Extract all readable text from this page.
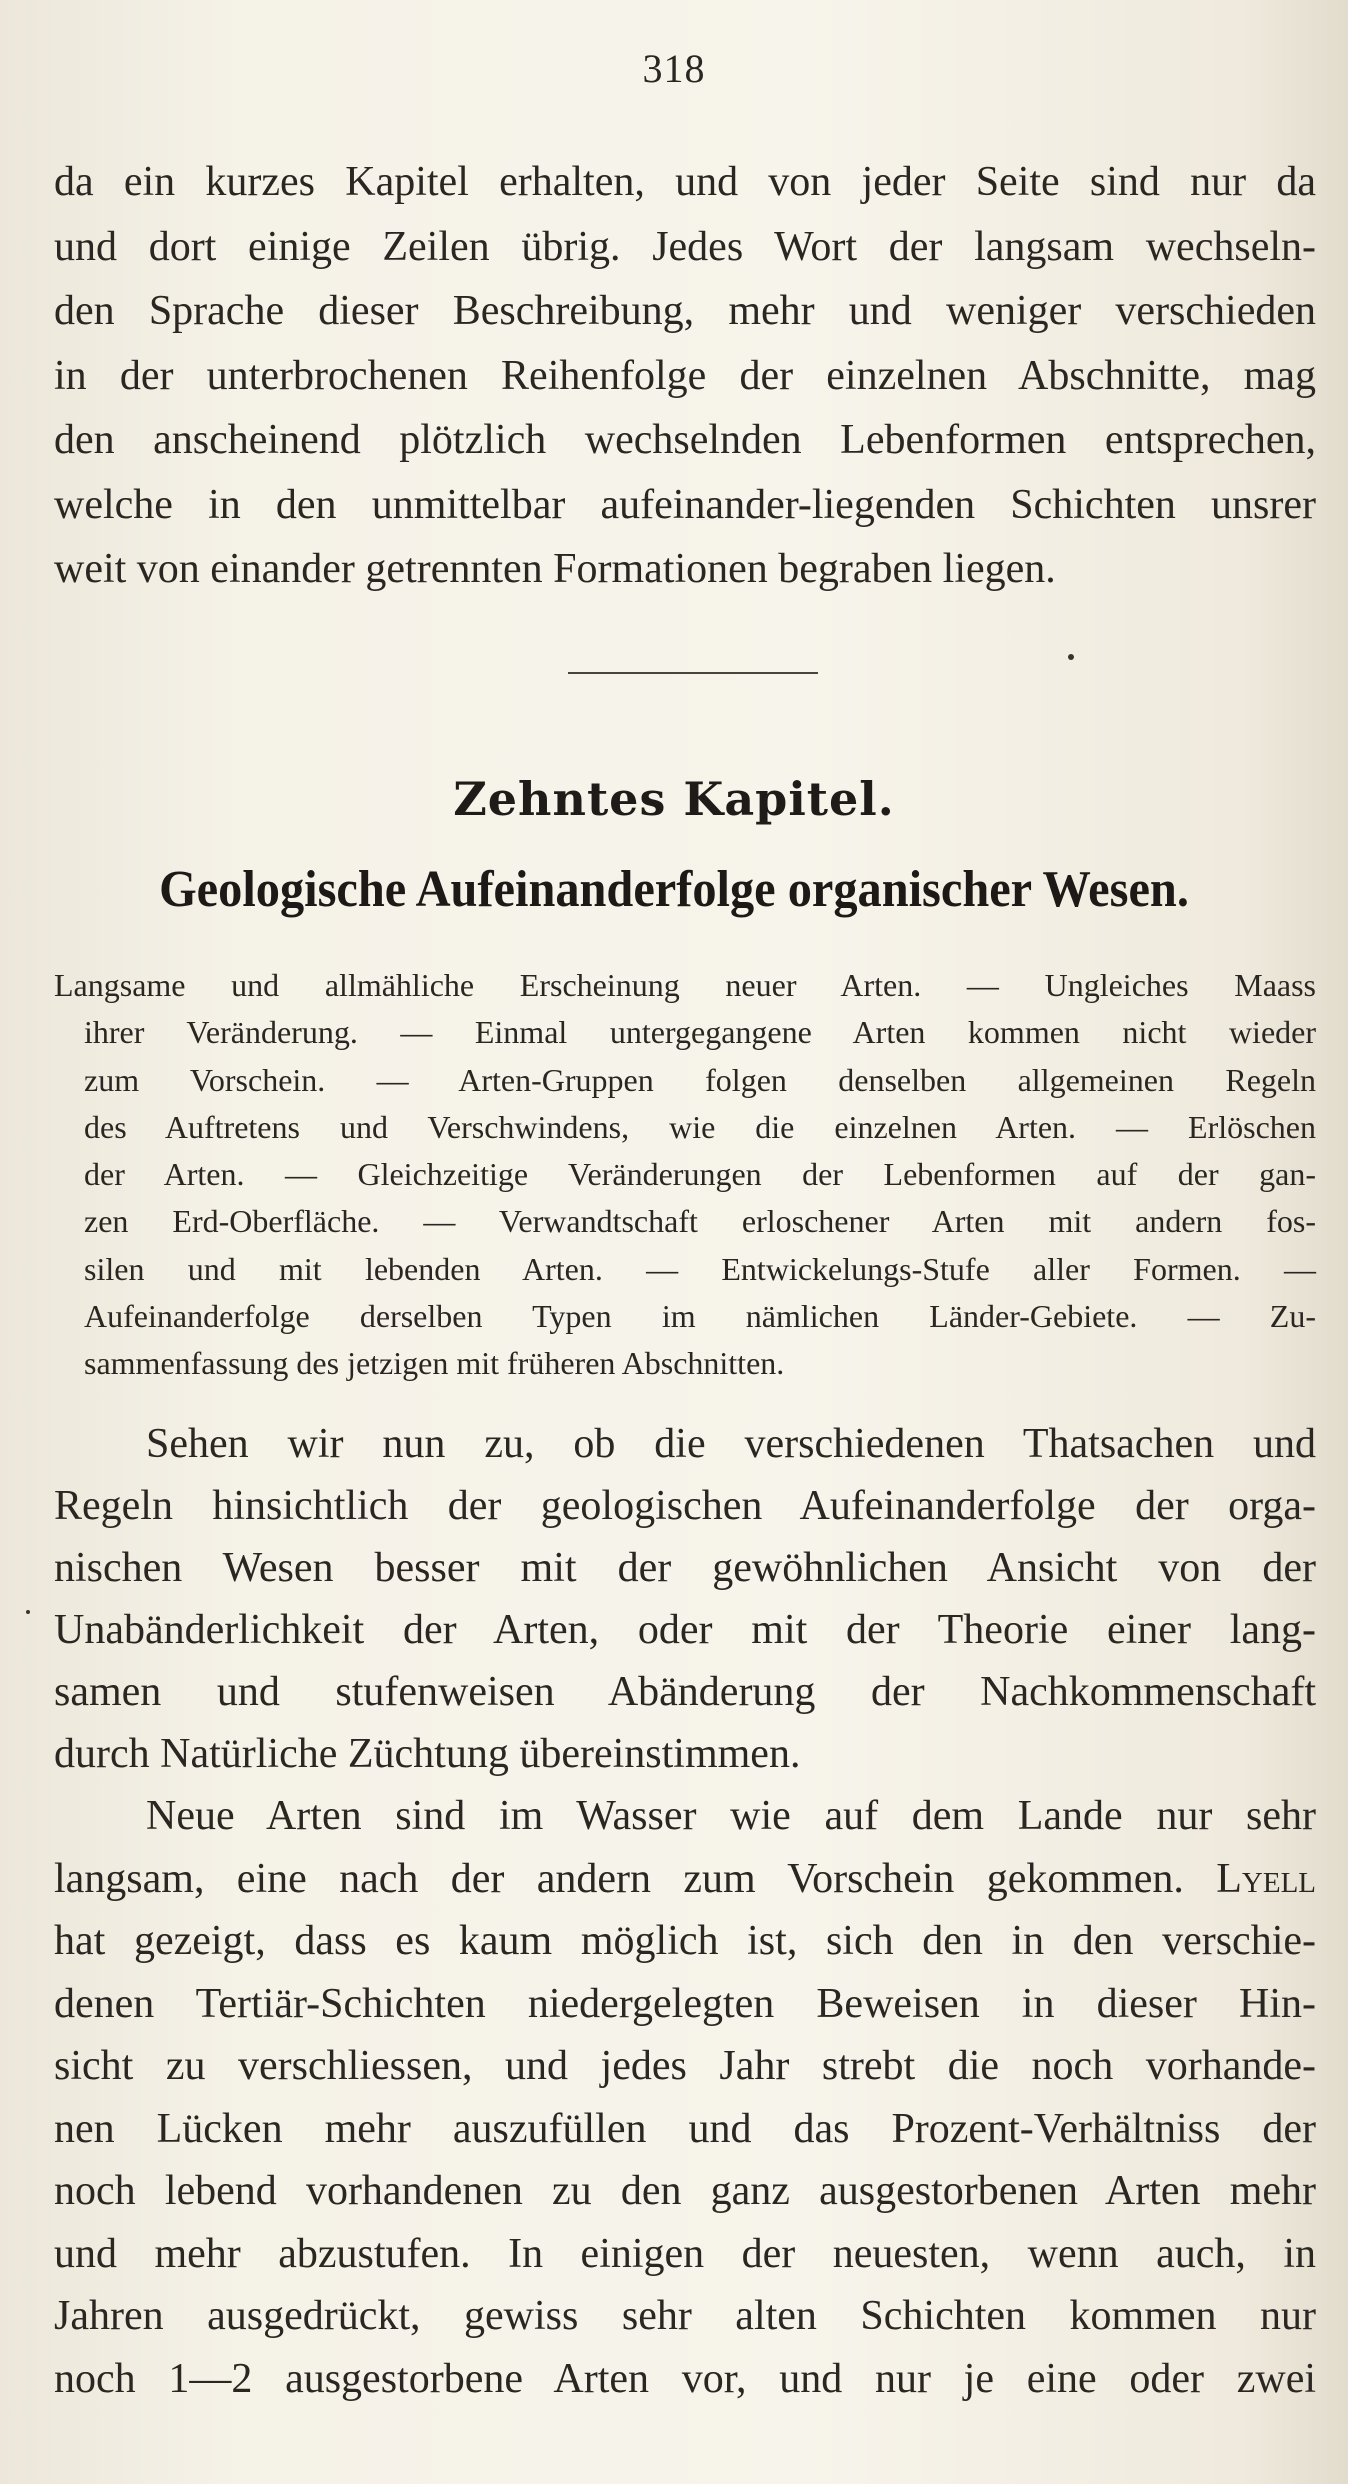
318
da ein kurzes Kapitel erhalten, und von jeder Seite sind nur da
und dort einige Zeilen übrig. Jedes Wort der langsam wechseln-
den Sprache dieser Beschreibung, mehr und weniger verschieden
in der unterbrochenen Reihenfolge der einzelnen Abschnitte, mag
den anscheinend plötzlich wechselnden Lebenformen entsprechen,
welche in den unmittelbar aufeinander-liegenden Schichten unsrer
weit von einander getrennten Formationen begraben liegen.
Zehntes Kapitel.
Geologische Aufeinanderfolge organischer Wesen.
Langsame und allmähliche Erscheinung neuer Arten. — Ungleiches Maass
ihrer Veränderung. — Einmal untergegangene Arten kommen nicht wieder
zum Vorschein. — Arten-Gruppen folgen denselben allgemeinen Regeln
des Auftretens und Verschwindens, wie die einzelnen Arten. — Erlöschen
der Arten. — Gleichzeitige Veränderungen der Lebenformen auf der gan-
zen Erd-Oberfläche. — Verwandtschaft erloschener Arten mit andern fos-
silen und mit lebenden Arten. — Entwickelungs-Stufe aller Formen. —
Aufeinanderfolge derselben Typen im nämlichen Länder-Gebiete. — Zu-
sammenfassung des jetzigen mit früheren Abschnitten.
Sehen wir nun zu, ob die verschiedenen Thatsachen und
Regeln hinsichtlich der geologischen Aufeinanderfolge der orga-
nischen Wesen besser mit der gewöhnlichen Ansicht von der
Unabänderlichkeit der Arten, oder mit der Theorie einer lang-
samen und stufenweisen Abänderung der Nachkommenschaft
durch Natürliche Züchtung übereinstimmen.
Neue Arten sind im Wasser wie auf dem Lande nur sehr
langsam, eine nach der andern zum Vorschein gekommen. Lyell
hat gezeigt, dass es kaum möglich ist, sich den in den verschie-
denen Tertiär-Schichten niedergelegten Beweisen in dieser Hin-
sicht zu verschliessen, und jedes Jahr strebt die noch vorhande-
nen Lücken mehr auszufüllen und das Prozent-Verhältniss der
noch lebend vorhandenen zu den ganz ausgestorbenen Arten mehr
und mehr abzustufen. In einigen der neuesten, wenn auch, in
Jahren ausgedrückt, gewiss sehr alten Schichten kommen nur
noch 1—2 ausgestorbene Arten vor, und nur je eine oder zwei
